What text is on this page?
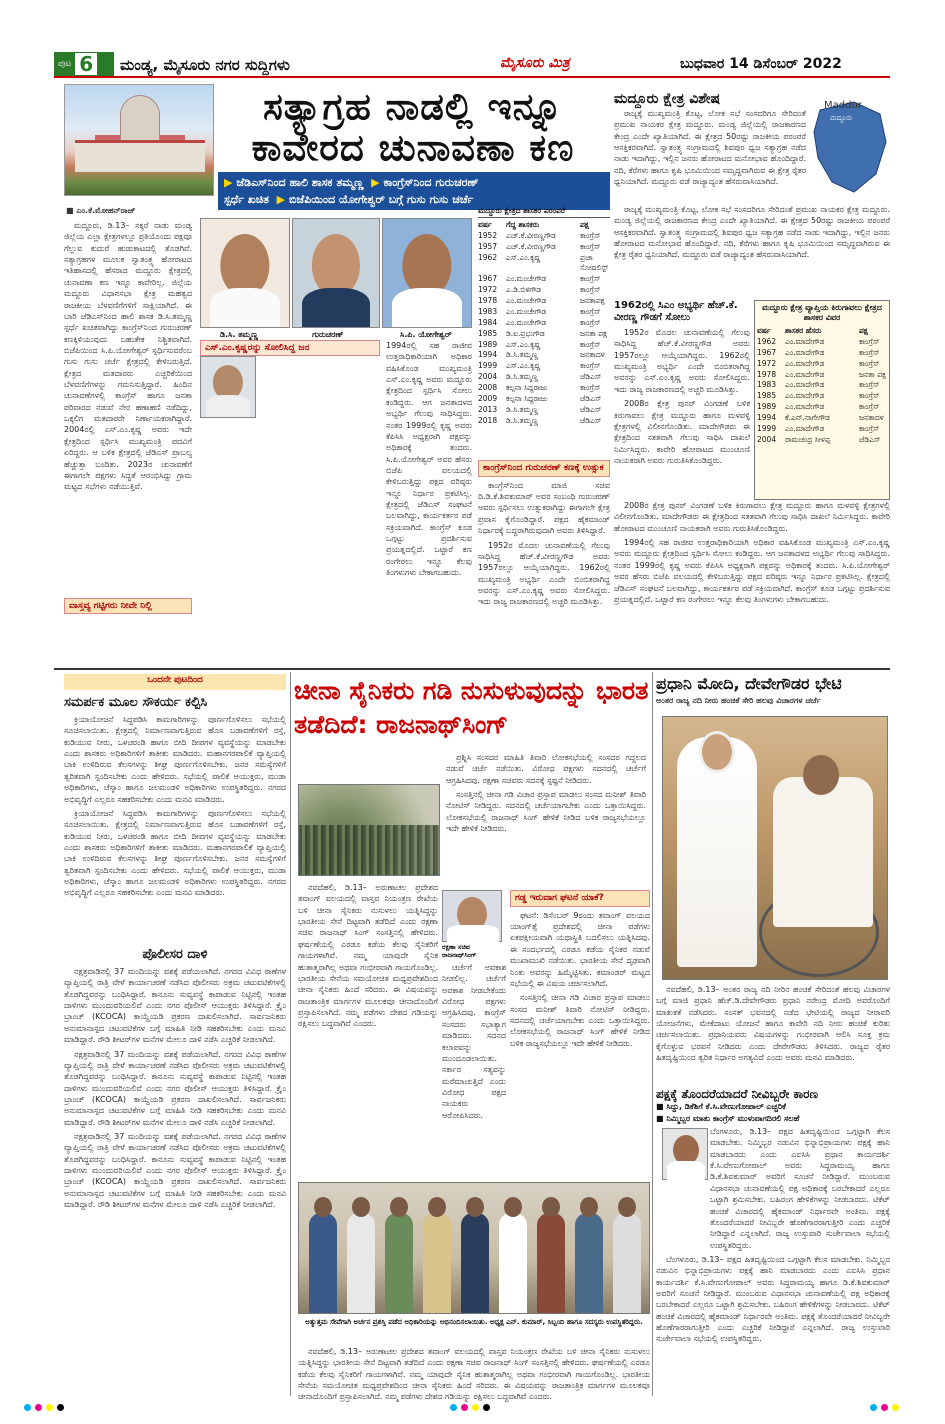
ಪುಟ 6 ಮಂಡ್ಯ, ಮೈಸೂರು ನಗರ ಸುದ್ದಿಗಳು	ಮೈಸೂರು ಮಿತ್ರ	ಬುಧವಾರ 14 ಡಿಸೆಂಬರ್ 2022
ಸತ್ಯಾಗ್ರಹ ನಾಡಲ್ಲಿ ಇನ್ನೂ ಕಾವೇರದ ಚುನಾವಣಾ ಕಣ
▶ ಜೆಡಿಎಸ್‌ನಿಂದ ಹಾಲಿ ಶಾಸಕ ತಮ್ಮಣ್ಣ ▶ ಕಾಂಗ್ರೆಸ್‌ನಿಂದ ಗುರುಚರಣ್
ಸ್ಪರ್ಧೆ ಖಚಿತ ▶ ಬಿಜೆಪಿಯಿಂದ ಯೋಗೇಶ್ವರ್ ಬಗ್ಗೆ ಗುಸು ಗುಸು ಚರ್ಚೆ
■ ಎಂ.ಕೆ.ಮೋಹನ್‌ರಾಜ್
ಡಿ.ಸಿ. ತಮ್ಮಣ್ಣ	ಗುರುಚರಣ್	ಸಿ.ಪಿ. ಯೋಗೇಶ್ವರ್

ಮದ್ದೂರು, ಡಿ.13– ಸಕ್ಕರೆ ನಾಡು ಮಂಡ್ಯ ಜಿಲ್ಲೆಯ ಎಲ್ಲಾ ಕ್ಷೇತ್ರಗಳಲ್ಲೂ ಪ್ರತಿಯೊಂದು ಪಕ್ಷವೂ ಗೆಲ್ಲುವ ಕುದುರೆ ಹುಡುಕಾಟದಲ್ಲಿ ತೊಡಗಿವೆ. ಸತ್ಯಾಗ್ರಹಗಳ ಮೂಲಕ ಸ್ವಾತಂತ್ರ್ಯ ಹೋರಾಟದ ಇತಿಹಾಸದಲ್ಲಿ ಹೆಸರಾದ ಮದ್ದೂರು ಕ್ಷೇತ್ರದಲ್ಲಿ ಚುನಾವಣಾ ಕಣ ಇನ್ನೂ ಕಾವೇರಿಲ್ಲ. ಜಿಲ್ಲೆಯ ಮದ್ದೂರು ವಿಧಾನಸಭಾ ಕ್ಷೇತ್ರ ಮಹತ್ವದ ರಾಜಕೀಯ ಬೆಳವಣಿಗೆಗಳಿಗೆ ಸಾಕ್ಷಿಯಾಗಿದೆ. ಈ ಬಾರಿ ಜೆಡಿಎಸ್‌ನಿಂದ ಹಾಲಿ ಶಾಸಕ ಡಿ.ಸಿ.ತಮ್ಮಣ್ಣ ಸ್ಪರ್ಧೆ ಖಚಿತವಾಗಿದ್ದು ಕಾಂಗ್ರೆಸ್‌ನಿಂದ ಗುರುಚರಣ್ ಕಣಕ್ಕಿಳಿಯುವುದು ಬಹುತೇಕ ನಿಶ್ಚಿತವಾಗಿದೆ. ಬಿಜೆಪಿಯಿಂದ ಸಿ.ಪಿ.ಯೋಗೇಶ್ವರ್ ಸ್ಪರ್ಧಿಸುವರೆಂಬ ಗುಸು ಗುಸು ಚರ್ಚೆ ಕ್ಷೇತ್ರದಲ್ಲಿ ಕೇಳಿಬರುತ್ತಿದೆ. ಕ್ಷೇತ್ರದ ಮತದಾರರು ಎಚ್ಚರಿಕೆಯಿಂದ ಬೆಳವಣಿಗೆಗಳನ್ನು ಗಮನಿಸುತ್ತಿದ್ದಾರೆ. ಹಿಂದಿನ ಚುನಾವಣೆಗಳಲ್ಲಿ ಕಾಂಗ್ರೆಸ್ ಹಾಗೂ ಜನತಾ ಪರಿವಾರದ ನಡುವೆ ನೇರ ಹಣಾಹಣಿ ನಡೆದಿದ್ದು, ಒಕ್ಕಲಿಗ ಮತದಾರರೇ ನಿರ್ಣಾಯಕರಾಗಿದ್ದಾರೆ. 2004ರಲ್ಲಿ ಎಸ್.ಎಂ.ಕೃಷ್ಣ ಅವರು ಇದೇ ಕ್ಷೇತ್ರದಿಂದ ಸ್ಪರ್ಧಿಸಿ ಮುಖ್ಯಮಂತ್ರಿ ಪದವಿಗೆ ಏರಿದ್ದರು. ಆ ಬಳಿಕ ಕ್ಷೇತ್ರದಲ್ಲಿ ಜೆಡಿಎಸ್ ಪ್ರಾಬಲ್ಯ ಹೆಚ್ಚುತ್ತಾ ಬಂದಿತು. 2023ರ ಚುನಾವಣೆಗೆ ಈಗಾಗಲೇ ಪಕ್ಷಗಳು ಸಿದ್ಧತೆ ಆರಂಭಿಸಿದ್ದು ಗ್ರಾಮ ಮಟ್ಟದ ಸಭೆಗಳು ನಡೆಯುತ್ತಿವೆ.

ವಾಸ್ತವ್ಯ ಗಟ್ಟಿಗರು ನೀವೇ ನಿಲ್ಲಿ
ಎಸ್.ಎಂ.ಕೃಷ್ಣರನ್ನು ಸೋಲಿಸಿದ್ದ ಜನ	1994ರಲ್ಲಿ ಸಹ ರಾಜೀವ ಉತ್ತರಾಧಿಕಾರಿಯಾಗಿ ಅಧಿಕಾರ ವಹಿಸಿಕೊಂಡ ಮುಖ್ಯಮಂತ್ರಿ ಎಸ್.ಎಂ.ಕೃಷ್ಣ ಅವರು ಮದ್ದೂರು ಕ್ಷೇತ್ರದಿಂದ ಸ್ಪರ್ಧಿಸಿ ಸೋಲು ಕಂಡಿದ್ದರು. ಆಗ ಜನತಾದಳದ ಅಭ್ಯರ್ಥಿ ಗೆಲುವು ಸಾಧಿಸಿದ್ದರು. ನಂತರ 1999ರಲ್ಲಿ ಕೃಷ್ಣ ಅವರು ಕೆಪಿಸಿಸಿ ಅಧ್ಯಕ್ಷರಾಗಿ ಪಕ್ಷವನ್ನು ಅಧಿಕಾರಕ್ಕೆ ತಂದರು. ಸಿ.ಪಿ.ಯೋಗೇಶ್ವರ್ ಅವರ ಹೆಸರು ಬಿಜೆಪಿ ವಲಯದಲ್ಲಿ ಕೇಳಿಬರುತ್ತಿದ್ದು ಪಕ್ಷದ ವರಿಷ್ಠರು ಇನ್ನೂ ನಿರ್ಧಾರ ಪ್ರಕಟಿಸಿಲ್ಲ. ಕ್ಷೇತ್ರದಲ್ಲಿ ಜೆಡಿಎಸ್ ಸಂಘಟನೆ ಬಲವಾಗಿದ್ದು, ಕಾರ್ಯಕರ್ತರ ಪಡೆ ಸಕ್ರಿಯವಾಗಿದೆ. ಕಾಂಗ್ರೆಸ್ ಕೂಡ ಒಗ್ಗಟ್ಟು ಪ್ರದರ್ಶಿಸುವ ಪ್ರಯತ್ನದಲ್ಲಿದೆ. ಒಟ್ಟಾರೆ ಕಣ ರಂಗೇರಲು ಇನ್ನೂ ಕೆಲವು ತಿಂಗಳುಗಳು ಬೇಕಾಗಬಹುದು.

ಮದ್ದೂರು ಕ್ಷೇತ್ರದ ಶಾಸಕರ ಪರಂಪರೆ
ವರ್ಷ	ಗೆದ್ದ ಶಾಸಕರು	ಪಕ್ಷ
1952	ಎಚ್.ಕೆ.ವೀರಣ್ಣಗೌಡ	ಕಾಂಗ್ರೆಸ್
1957	ಎಚ್.ಕೆ.ವೀರಣ್ಣಗೌಡ	ಕಾಂಗ್ರೆಸ್
1962	ಎಸ್.ಎಂ.ಕೃಷ್ಣ	ಪ್ರಜಾ ಸೋಷಲಿಸ್ಟ್
1967	ಎಂ.ಮಂಚೇಗೌಡ	ಕಾಂಗ್ರೆಸ್
1972	ಎ.ಡಿ.ಬಿಳಿಗೌಡ	ಕಾಂಗ್ರೆಸ್
1978	ಎಂ.ಮಂಚೇಗೌಡ	ಜನತಾಪಕ್ಷ
1983	ಎಂ.ಮಂಚೇಗೌಡ	ಕಾಂಗ್ರೆಸ್
1984	ಎಂ.ಮಂಚೇಗೌಡ	ಕಾಂಗ್ರೆಸ್
1985	ಡಿ.ಐ.ಪ್ರಭುಗೌಡ	ಜನತಾ ಪಕ್ಷ
1989	ಎಸ್.ಎಂ.ಕೃಷ್ಣ	ಕಾಂಗ್ರೆಸ್
1994	ಡಿ.ಸಿ.ತಮ್ಮಣ್ಣ	ಜನತಾದಳ
1999	ಎಸ್.ಎಂ.ಕೃಷ್ಣ	ಕಾಂಗ್ರೆಸ್
2004	ಡಿ.ಸಿ.ತಮ್ಮಣ್ಣ	ಜೆಡಿಎಸ್
2008	ಕಲ್ಪನಾ ಸಿದ್ದರಾಜು	ಕಾಂಗ್ರೆಸ್
2009	ಕಲ್ಪನಾ ಸಿದ್ದರಾಜು	ಜೆಡಿಎಸ್
2013	ಡಿ.ಸಿ.ತಮ್ಮಣ್ಣ	ಜೆಡಿಎಸ್
2018	ಡಿ.ಸಿ.ತಮ್ಮಣ್ಣ	ಜೆಡಿಎಸ್
ಕಾಂಗ್ರೆಸ್‌ನಿಂದ ಗುರುಚರಣ್ ಕಣಕ್ಕೆ ಉತ್ಸುಕ

ಕಾಂಗ್ರೆಸ್‌ನಿಂದ ಮಾಜಿ ಸಚಿವ ದಿ.ಡಿ.ಕೆ.ಶಿವಕುಮಾರ್ ಅವರ ಸಂಬಂಧಿ ಗುರುಚರಣ್ ಅವರು ಸ್ಪರ್ಧಿಸಲು ಉತ್ಸುಕರಾಗಿದ್ದು ಈಗಾಗಲೇ ಕ್ಷೇತ್ರ ಪ್ರವಾಸ ಕೈಗೊಂಡಿದ್ದಾರೆ. ಪಕ್ಷದ ಹೈಕಮಾಂಡ್ ನಿರ್ಧಾರಕ್ಕೆ ಬದ್ಧರಾಗಿರುವುದಾಗಿ ಅವರು ತಿಳಿಸಿದ್ದಾರೆ.

1952ರ ಮೊದಲ ಚುನಾವಣೆಯಲ್ಲಿ ಗೆಲುವು ಸಾಧಿಸಿದ್ದ ಹೆಚ್.ಕೆ.ವೀರಣ್ಣಗೌಡ ಅವರು 1957ರಲ್ಲೂ ಆಯ್ಕೆಯಾಗಿದ್ದರು. 1962ರಲ್ಲಿ ಮುಖ್ಯಮಂತ್ರಿ ಅಭ್ಯರ್ಥಿ ಎಂದೇ ಬಿಂಬಿತರಾಗಿದ್ದ ಅವರನ್ನು ಎಸ್.ಎಂ.ಕೃಷ್ಣ ಅವರು ಸೋಲಿಸಿದ್ದರು. ಇದು ರಾಜ್ಯ ರಾಜಕಾರಣದಲ್ಲಿ ಅಚ್ಚರಿ ಮೂಡಿಸಿತ್ತು.

ಮದ್ದೂರು ಕ್ಷೇತ್ರ ವಿಶೇಷ	Maddur
ಮದ್ದೂರು

ರಾಜ್ಯಕ್ಕೆ ಮುಖ್ಯಮಂತ್ರಿ ಕೊಟ್ಟ, ಲೋಕ ಸಭೆ ಸಂಸದರಿಗೂ ಸೇರಿದಂತೆ ಪ್ರಮುಖ ನಾಯಕರ ಕ್ಷೇತ್ರ ಮದ್ದೂರು. ಮಂಡ್ಯ ಜಿಲ್ಲೆಯಲ್ಲಿ ರಾಜಕಾರಣದ ಕೇಂದ್ರ ಎಂದೇ ಖ್ಯಾತಿಯಾಗಿದೆ. ಈ ಕ್ಷೇತ್ರದ 50ರಷ್ಟು ರಾಜಕೀಯ ಪರಂಪರೆ ಆಸಕ್ತಿಕರವಾಗಿದೆ. ಸ್ವಾತಂತ್ರ್ಯ ಸಂಗ್ರಾಮದಲ್ಲಿ ಶಿವಪುರ ಧ್ವಜ ಸತ್ಯಾಗ್ರಹ ನಡೆದ ನಾಡು ಇದಾಗಿದ್ದು, ಇಲ್ಲಿನ ಜನರು ಹೋರಾಟದ ಮನೋಭಾವ ಹೊಂದಿದ್ದಾರೆ. ನದಿ, ಕೆರೆಗಳು ಹಾಗೂ ಕೃಷಿ ಭೂಮಿಯಿಂದ ಸಮೃದ್ಧವಾಗಿರುವ ಈ ಕ್ಷೇತ್ರ ರೈತರ ಧ್ವನಿಯಾಗಿದೆ. ಮದ್ದೂರು ವಡೆ ರಾಜ್ಯಾದ್ಯಂತ ಹೆಸರುವಾಸಿಯಾಗಿದೆ.

ರಾಜ್ಯಕ್ಕೆ ಮುಖ್ಯಮಂತ್ರಿ ಕೊಟ್ಟ, ಲೋಕ ಸಭೆ ಸಂಸದರಿಗೂ ಸೇರಿದಂತೆ ಪ್ರಮುಖ ನಾಯಕರ ಕ್ಷೇತ್ರ ಮದ್ದೂರು. ಮಂಡ್ಯ ಜಿಲ್ಲೆಯಲ್ಲಿ ರಾಜಕಾರಣದ ಕೇಂದ್ರ ಎಂದೇ ಖ್ಯಾತಿಯಾಗಿದೆ. ಈ ಕ್ಷೇತ್ರದ 50ರಷ್ಟು ರಾಜಕೀಯ ಪರಂಪರೆ ಆಸಕ್ತಿಕರವಾಗಿದೆ. ಸ್ವಾತಂತ್ರ್ಯ ಸಂಗ್ರಾಮದಲ್ಲಿ ಶಿವಪುರ ಧ್ವಜ ಸತ್ಯಾಗ್ರಹ ನಡೆದ ನಾಡು ಇದಾಗಿದ್ದು, ಇಲ್ಲಿನ ಜನರು ಹೋರಾಟದ ಮನೋಭಾವ ಹೊಂದಿದ್ದಾರೆ. ನದಿ, ಕೆರೆಗಳು ಹಾಗೂ ಕೃಷಿ ಭೂಮಿಯಿಂದ ಸಮೃದ್ಧವಾಗಿರುವ ಈ ಕ್ಷೇತ್ರ ರೈತರ ಧ್ವನಿಯಾಗಿದೆ. ಮದ್ದೂರು ವಡೆ ರಾಜ್ಯಾದ್ಯಂತ ಹೆಸರುವಾಸಿಯಾಗಿದೆ.

1962ರಲ್ಲಿ ಸಿಎಂ ಅಭ್ಯರ್ಥಿ ಹೆಚ್.ಕೆ. ವೀರಣ್ಣ ಗೌಡಗೆ ಸೋಲು

1952ರ ಮೊದಲ ಚುನಾವಣೆಯಲ್ಲಿ ಗೆಲುವು ಸಾಧಿಸಿದ್ದ ಹೆಚ್.ಕೆ.ವೀರಣ್ಣಗೌಡ ಅವರು 1957ರಲ್ಲೂ ಆಯ್ಕೆಯಾಗಿದ್ದರು. 1962ರಲ್ಲಿ ಮುಖ್ಯಮಂತ್ರಿ ಅಭ್ಯರ್ಥಿ ಎಂದೇ ಬಿಂಬಿತರಾಗಿದ್ದ ಅವರನ್ನು ಎಸ್.ಎಂ.ಕೃಷ್ಣ ಅವರು ಸೋಲಿಸಿದ್ದರು. ಇದು ರಾಜ್ಯ ರಾಜಕಾರಣದಲ್ಲಿ ಅಚ್ಚರಿ ಮೂಡಿಸಿತ್ತು.

2008ರ ಕ್ಷೇತ್ರ ಪುನರ್ ವಿಂಗಡಣೆ ಬಳಿಕ ಕಿರುಗಾವಲು ಕ್ಷೇತ್ರ ಮದ್ದೂರು ಹಾಗೂ ಮಳವಳ್ಳಿ ಕ್ಷೇತ್ರಗಳಲ್ಲಿ ವಿಲೀನಗೊಂಡಿತು. ಮಾದೇಗೌಡರು ಈ ಕ್ಷೇತ್ರದಿಂದ ಸತತವಾಗಿ ಗೆಲುವು ಸಾಧಿಸಿ ದಾಖಲೆ ನಿರ್ಮಿಸಿದ್ದರು. ಕಾವೇರಿ ಹೋರಾಟದ ಮುಂಚೂಣಿ ನಾಯಕರಾಗಿ ಅವರು ಗುರುತಿಸಿಕೊಂಡಿದ್ದರು.

ಮದ್ದೂರು ಕ್ಷೇತ್ರ ವ್ಯಾಪ್ತಿಯ ಕಿರುಗಾವಲು ಕ್ಷೇತ್ರದ ಶಾಸಕರ ವಿವರ
ವರ್ಷ	ಶಾಸಕರ ಹೆಸರು	ಪಕ್ಷ
1962	ಎಂ.ಮಾದೇಗೌಡ	ಕಾಂಗ್ರೆಸ್
1967	ಎಂ.ಮಾದೇಗೌಡ	ಕಾಂಗ್ರೆಸ್
1972	ಎಂ.ಮಾದೇಗೌಡ	ಕಾಂಗ್ರೆಸ್
1978	ಎಂ.ಮಾದೇಗೌಡ	ಜನತಾ ಪಕ್ಷ
1983	ಎಂ.ಮಾದೇಗೌಡ	ಕಾಂಗ್ರೆಸ್
1985	ಎಂ.ಮಾದೇಗೌಡ	ಕಾಂಗ್ರೆಸ್
1989	ಎಂ.ಮಾದೇಗೌಡ	ಕಾಂಗ್ರೆಸ್
1994	ಕೆ.ಎನ್.ನಾಗೇಗೌಡ	ಜನತಾದಳ
1999	ಎಂ.ಮಾದೇಗೌಡ	ಕಾಂಗ್ರೆಸ್
2004	ರಾಮಚಂದ್ರ ಸೀಳಪ್ಪ	ಜೆಡಿಎಸ್

2008ರ ಕ್ಷೇತ್ರ ಪುನರ್ ವಿಂಗಡಣೆ ಬಳಿಕ ಕಿರುಗಾವಲು ಕ್ಷೇತ್ರ ಮದ್ದೂರು ಹಾಗೂ ಮಳವಳ್ಳಿ ಕ್ಷೇತ್ರಗಳಲ್ಲಿ ವಿಲೀನಗೊಂಡಿತು. ಮಾದೇಗೌಡರು ಈ ಕ್ಷೇತ್ರದಿಂದ ಸತತವಾಗಿ ಗೆಲುವು ಸಾಧಿಸಿ ದಾಖಲೆ ನಿರ್ಮಿಸಿದ್ದರು. ಕಾವೇರಿ ಹೋರಾಟದ ಮುಂಚೂಣಿ ನಾಯಕರಾಗಿ ಅವರು ಗುರುತಿಸಿಕೊಂಡಿದ್ದರು.

1994ರಲ್ಲಿ ಸಹ ರಾಜೀವ ಉತ್ತರಾಧಿಕಾರಿಯಾಗಿ ಅಧಿಕಾರ ವಹಿಸಿಕೊಂಡ ಮುಖ್ಯಮಂತ್ರಿ ಎಸ್.ಎಂ.ಕೃಷ್ಣ ಅವರು ಮದ್ದೂರು ಕ್ಷೇತ್ರದಿಂದ ಸ್ಪರ್ಧಿಸಿ ಸೋಲು ಕಂಡಿದ್ದರು. ಆಗ ಜನತಾದಳದ ಅಭ್ಯರ್ಥಿ ಗೆಲುವು ಸಾಧಿಸಿದ್ದರು. ನಂತರ 1999ರಲ್ಲಿ ಕೃಷ್ಣ ಅವರು ಕೆಪಿಸಿಸಿ ಅಧ್ಯಕ್ಷರಾಗಿ ಪಕ್ಷವನ್ನು ಅಧಿಕಾರಕ್ಕೆ ತಂದರು. ಸಿ.ಪಿ.ಯೋಗೇಶ್ವರ್ ಅವರ ಹೆಸರು ಬಿಜೆಪಿ ವಲಯದಲ್ಲಿ ಕೇಳಿಬರುತ್ತಿದ್ದು ಪಕ್ಷದ ವರಿಷ್ಠರು ಇನ್ನೂ ನಿರ್ಧಾರ ಪ್ರಕಟಿಸಿಲ್ಲ. ಕ್ಷೇತ್ರದಲ್ಲಿ ಜೆಡಿಎಸ್ ಸಂಘಟನೆ ಬಲವಾಗಿದ್ದು, ಕಾರ್ಯಕರ್ತರ ಪಡೆ ಸಕ್ರಿಯವಾಗಿದೆ. ಕಾಂಗ್ರೆಸ್ ಕೂಡ ಒಗ್ಗಟ್ಟು ಪ್ರದರ್ಶಿಸುವ ಪ್ರಯತ್ನದಲ್ಲಿದೆ. ಒಟ್ಟಾರೆ ಕಣ ರಂಗೇರಲು ಇನ್ನೂ ಕೆಲವು ತಿಂಗಳುಗಳು ಬೇಕಾಗಬಹುದು.

ಒಂದನೇ ಪುಟದಿಂದ
ಸಮರ್ಪಕ ಮೂಲ ಸೌಕರ್ಯ ಕಲ್ಪಿಸಿ

ಕ್ರಿಯಾಯೋಜನೆ ಸಿದ್ಧಪಡಿಸಿ ಕಾಮಗಾರಿಗಳನ್ನು ಪೂರ್ಣಗೊಳಿಸಲು ಸಭೆಯಲ್ಲಿ ಸೂಚಿಸಲಾಯಿತು. ಕ್ಷೇತ್ರದಲ್ಲಿ ನಿರ್ಮಾಣವಾಗುತ್ತಿರುವ ಹೊಸ ಬಡಾವಣೆಗಳಿಗೆ ರಸ್ತೆ, ಕುಡಿಯುವ ನೀರು, ಒಳಚರಂಡಿ ಹಾಗೂ ಬೀದಿ ದೀಪಗಳ ವ್ಯವಸ್ಥೆಯನ್ನು ಮಾಡಬೇಕು ಎಂದು ಶಾಸಕರು ಅಧಿಕಾರಿಗಳಿಗೆ ತಾಕೀತು ಮಾಡಿದರು. ಮಹಾನಗರಪಾಲಿಕೆ ವ್ಯಾಪ್ತಿಯಲ್ಲಿ ಬಾಕಿ ಉಳಿದಿರುವ ಕೆಲಸಗಳನ್ನು ಶೀಘ್ರ ಪೂರ್ಣಗೊಳಿಸಬೇಕು. ಜನರ ಸಮಸ್ಯೆಗಳಿಗೆ ತ್ವರಿತವಾಗಿ ಸ್ಪಂದಿಸಬೇಕು ಎಂದು ಹೇಳಿದರು. ಸಭೆಯಲ್ಲಿ ಪಾಲಿಕೆ ಆಯುಕ್ತರು, ಮುಡಾ ಅಧಿಕಾರಿಗಳು, ಚೆಸ್ಕಾಂ ಹಾಗೂ ಜಲಮಂಡಳಿ ಅಧಿಕಾರಿಗಳು ಉಪಸ್ಥಿತರಿದ್ದರು. ನಗರದ ಅಭಿವೃದ್ಧಿಗೆ ಎಲ್ಲರೂ ಸಹಕರಿಸಬೇಕು ಎಂದು ಮನವಿ ಮಾಡಿದರು.

ಕ್ರಿಯಾಯೋಜನೆ ಸಿದ್ಧಪಡಿಸಿ ಕಾಮಗಾರಿಗಳನ್ನು ಪೂರ್ಣಗೊಳಿಸಲು ಸಭೆಯಲ್ಲಿ ಸೂಚಿಸಲಾಯಿತು. ಕ್ಷೇತ್ರದಲ್ಲಿ ನಿರ್ಮಾಣವಾಗುತ್ತಿರುವ ಹೊಸ ಬಡಾವಣೆಗಳಿಗೆ ರಸ್ತೆ, ಕುಡಿಯುವ ನೀರು, ಒಳಚರಂಡಿ ಹಾಗೂ ಬೀದಿ ದೀಪಗಳ ವ್ಯವಸ್ಥೆಯನ್ನು ಮಾಡಬೇಕು ಎಂದು ಶಾಸಕರು ಅಧಿಕಾರಿಗಳಿಗೆ ತಾಕೀತು ಮಾಡಿದರು. ಮಹಾನಗರಪಾಲಿಕೆ ವ್ಯಾಪ್ತಿಯಲ್ಲಿ ಬಾಕಿ ಉಳಿದಿರುವ ಕೆಲಸಗಳನ್ನು ಶೀಘ್ರ ಪೂರ್ಣಗೊಳಿಸಬೇಕು. ಜನರ ಸಮಸ್ಯೆಗಳಿಗೆ ತ್ವರಿತವಾಗಿ ಸ್ಪಂದಿಸಬೇಕು ಎಂದು ಹೇಳಿದರು. ಸಭೆಯಲ್ಲಿ ಪಾಲಿಕೆ ಆಯುಕ್ತರು, ಮುಡಾ ಅಧಿಕಾರಿಗಳು, ಚೆಸ್ಕಾಂ ಹಾಗೂ ಜಲಮಂಡಳಿ ಅಧಿಕಾರಿಗಳು ಉಪಸ್ಥಿತರಿದ್ದರು. ನಗರದ ಅಭಿವೃದ್ಧಿಗೆ ಎಲ್ಲರೂ ಸಹಕರಿಸಬೇಕು ಎಂದು ಮನವಿ ಮಾಡಿದರು.

ಪೊಲೀಸರ ದಾಳಿ

ನಕ್ಷತ್ರವಾಡಿನಲ್ಲಿ 37 ಮಂದಿಯನ್ನು ವಶಕ್ಕೆ ಪಡೆಯಲಾಗಿದೆ. ನಗರದ ವಿವಿಧ ಠಾಣೆಗಳ ವ್ಯಾಪ್ತಿಯಲ್ಲಿ ರಾತ್ರಿ ವೇಳೆ ಕಾರ್ಯಾಚರಣೆ ನಡೆಸಿದ ಪೊಲೀಸರು ಅಕ್ರಮ ಚಟುವಟಿಕೆಗಳಲ್ಲಿ ತೊಡಗಿದ್ದವರನ್ನು ಬಂಧಿಸಿದ್ದಾರೆ. ಕಾನೂನು ಸುವ್ಯವಸ್ಥೆ ಕಾಪಾಡುವ ನಿಟ್ಟಿನಲ್ಲಿ ಇಂತಹ ದಾಳಿಗಳು ಮುಂದುವರಿಯಲಿವೆ ಎಂದು ನಗರ ಪೊಲೀಸ್ ಆಯುಕ್ತರು ತಿಳಿಸಿದ್ದಾರೆ. ಕ್ರೈಂ ಬ್ರಾಂಚ್ (KCOCA) ಕಾಯ್ದೆಯಡಿ ಪ್ರಕರಣ ದಾಖಲಿಸಲಾಗಿದೆ. ಸಾರ್ವಜನಿಕರು ಅನುಮಾನಾಸ್ಪದ ಚಟುವಟಿಕೆಗಳ ಬಗ್ಗೆ ಮಾಹಿತಿ ನೀಡಿ ಸಹಕರಿಸಬೇಕು ಎಂದು ಮನವಿ ಮಾಡಿದ್ದಾರೆ. ರೌಡಿ ಶೀಟರ್‌ಗಳ ಮನೆಗಳ ಮೇಲೂ ದಾಳಿ ನಡೆಸಿ ಎಚ್ಚರಿಕೆ ನೀಡಲಾಗಿದೆ.

ನಕ್ಷತ್ರವಾಡಿನಲ್ಲಿ 37 ಮಂದಿಯನ್ನು ವಶಕ್ಕೆ ಪಡೆಯಲಾಗಿದೆ. ನಗರದ ವಿವಿಧ ಠಾಣೆಗಳ ವ್ಯಾಪ್ತಿಯಲ್ಲಿ ರಾತ್ರಿ ವೇಳೆ ಕಾರ್ಯಾಚರಣೆ ನಡೆಸಿದ ಪೊಲೀಸರು ಅಕ್ರಮ ಚಟುವಟಿಕೆಗಳಲ್ಲಿ ತೊಡಗಿದ್ದವರನ್ನು ಬಂಧಿಸಿದ್ದಾರೆ. ಕಾನೂನು ಸುವ್ಯವಸ್ಥೆ ಕಾಪಾಡುವ ನಿಟ್ಟಿನಲ್ಲಿ ಇಂತಹ ದಾಳಿಗಳು ಮುಂದುವರಿಯಲಿವೆ ಎಂದು ನಗರ ಪೊಲೀಸ್ ಆಯುಕ್ತರು ತಿಳಿಸಿದ್ದಾರೆ. ಕ್ರೈಂ ಬ್ರಾಂಚ್ (KCOCA) ಕಾಯ್ದೆಯಡಿ ಪ್ರಕರಣ ದಾಖಲಿಸಲಾಗಿದೆ. ಸಾರ್ವಜನಿಕರು ಅನುಮಾನಾಸ್ಪದ ಚಟುವಟಿಕೆಗಳ ಬಗ್ಗೆ ಮಾಹಿತಿ ನೀಡಿ ಸಹಕರಿಸಬೇಕು ಎಂದು ಮನವಿ ಮಾಡಿದ್ದಾರೆ. ರೌಡಿ ಶೀಟರ್‌ಗಳ ಮನೆಗಳ ಮೇಲೂ ದಾಳಿ ನಡೆಸಿ ಎಚ್ಚರಿಕೆ ನೀಡಲಾಗಿದೆ.

ನಕ್ಷತ್ರವಾಡಿನಲ್ಲಿ 37 ಮಂದಿಯನ್ನು ವಶಕ್ಕೆ ಪಡೆಯಲಾಗಿದೆ. ನಗರದ ವಿವಿಧ ಠಾಣೆಗಳ ವ್ಯಾಪ್ತಿಯಲ್ಲಿ ರಾತ್ರಿ ವೇಳೆ ಕಾರ್ಯಾಚರಣೆ ನಡೆಸಿದ ಪೊಲೀಸರು ಅಕ್ರಮ ಚಟುವಟಿಕೆಗಳಲ್ಲಿ ತೊಡಗಿದ್ದವರನ್ನು ಬಂಧಿಸಿದ್ದಾರೆ. ಕಾನೂನು ಸುವ್ಯವಸ್ಥೆ ಕಾಪಾಡುವ ನಿಟ್ಟಿನಲ್ಲಿ ಇಂತಹ ದಾಳಿಗಳು ಮುಂದುವರಿಯಲಿವೆ ಎಂದು ನಗರ ಪೊಲೀಸ್ ಆಯುಕ್ತರು ತಿಳಿಸಿದ್ದಾರೆ. ಕ್ರೈಂ ಬ್ರಾಂಚ್ (KCOCA) ಕಾಯ್ದೆಯಡಿ ಪ್ರಕರಣ ದಾಖಲಿಸಲಾಗಿದೆ. ಸಾರ್ವಜನಿಕರು ಅನುಮಾನಾಸ್ಪದ ಚಟುವಟಿಕೆಗಳ ಬಗ್ಗೆ ಮಾಹಿತಿ ನೀಡಿ ಸಹಕರಿಸಬೇಕು ಎಂದು ಮನವಿ ಮಾಡಿದ್ದಾರೆ. ರೌಡಿ ಶೀಟರ್‌ಗಳ ಮನೆಗಳ ಮೇಲೂ ದಾಳಿ ನಡೆಸಿ ಎಚ್ಚರಿಕೆ ನೀಡಲಾಗಿದೆ.

ಚೀನಾ ಸೈನಿಕರು ಗಡಿ ನುಸುಳುವುದನ್ನು ಭಾರತ ತಡೆದಿದೆ: ರಾಜನಾಥ್‌ಸಿಂಗ್

ಪ್ರಶ್ನಿಸಿ ಸಂಸದರ ಮಾಹಿತಿ ತಿವಾರಿ ಲೋಕಸಭೆಯಲ್ಲಿ ಸಂಸದರ ಗದ್ದಲದ ನಡುವೆ ಚರ್ಚೆ ನಡೆಯಿತು. ವಿರೋಧ ಪಕ್ಷಗಳು ಸದನದಲ್ಲಿ ಚರ್ಚೆಗೆ ಆಗ್ರಹಿಸಿದವು. ರಕ್ಷಣಾ ಸಚಿವರು ಸದನಕ್ಕೆ ಸ್ಪಷ್ಟನೆ ನೀಡಿದರು.

ಸಂಸತ್ತಿನಲ್ಲಿ ಚೀನಾ ಗಡಿ ವಿಚಾರ ಪ್ರಸ್ತಾಪ ಮಾಡಲು ಸಂಸದ ಮನೀಶ್ ತಿವಾರಿ ನೋಟಿಸ್ ನೀಡಿದ್ದರು. ಸದನದಲ್ಲಿ ಚರ್ಚೆಯಾಗಬೇಕು ಎಂದು ಒತ್ತಾಯಿಸಿದ್ದರು. ಲೋಕಸಭೆಯಲ್ಲಿ ರಾಜನಾಥ್ ಸಿಂಗ್ ಹೇಳಿಕೆ ನೀಡಿದ ಬಳಿಕ ರಾಜ್ಯಸಭೆಯಲ್ಲೂ ಇದೇ ಹೇಳಿಕೆ ನೀಡಿದರು.

ರಕ್ಷಣಾ ಸಚಿವ ರಾಜನಾಥ್‌ಸಿಂಗ್

ನವದೆಹಲಿ, ಡಿ.13– ಅರುಣಾಚಲ ಪ್ರದೇಶದ ತವಾಂಗ್ ವಲಯದಲ್ಲಿ ವಾಸ್ತವ ನಿಯಂತ್ರಣ ರೇಖೆಯ ಬಳಿ ಚೀನಾ ಸೈನಿಕರು ನುಸುಳಲು ಯತ್ನಿಸಿದ್ದನ್ನು ಭಾರತೀಯ ಸೇನೆ ದಿಟ್ಟವಾಗಿ ತಡೆದಿದೆ ಎಂದು ರಕ್ಷಣಾ ಸಚಿವ ರಾಜನಾಥ್ ಸಿಂಗ್ ಸಂಸತ್ತಿನಲ್ಲಿ ಹೇಳಿದರು. ಘರ್ಷಣೆಯಲ್ಲಿ ಎರಡೂ ಕಡೆಯ ಕೆಲವು ಸೈನಿಕರಿಗೆ ಗಾಯಗಳಾಗಿವೆ. ನಮ್ಮ ಯಾವುದೇ ಸೈನಿಕ ಹುತಾತ್ಮರಾಗಿಲ್ಲ ಅಥವಾ ಗಂಭೀರವಾಗಿ ಗಾಯಗೊಂಡಿಲ್ಲ. ಭಾರತೀಯ ಸೇನೆಯ ಸಮಯೋಚಿತ ಮಧ್ಯಪ್ರವೇಶದಿಂದ ಚೀನಾ ಸೈನಿಕರು ಹಿಂದೆ ಸರಿದರು. ಈ ವಿಷಯವನ್ನು ರಾಜತಾಂತ್ರಿಕ ಮಾರ್ಗಗಳ ಮೂಲಕವೂ ಚೀನಾದೊಂದಿಗೆ ಪ್ರಸ್ತಾಪಿಸಲಾಗಿದೆ. ನಮ್ಮ ಪಡೆಗಳು ದೇಶದ ಗಡಿಯನ್ನು ರಕ್ಷಿಸಲು ಬದ್ಧವಾಗಿವೆ ಎಂದರು.

ಚರ್ಚೆಗೆ ಅವಕಾಶ ನೀಡಲಿಲ್ಲ. ಚರ್ಚೆಗೆ ಅವಕಾಶ ನೀಡಬೇಕೆಂದು ವಿರೋಧ ಪಕ್ಷಗಳು ಆಗ್ರಹಿಸಿದವು. ಕಾಂಗ್ರೆಸ್ ಸಂಸದರು ಸಭಾತ್ಯಾಗ ಮಾಡಿದರು. ಸದನದ ಕಲಾಪವನ್ನು ಮುಂದೂಡಲಾಯಿತು. ಸರ್ಕಾರ ಸತ್ಯವನ್ನು ಮರೆಮಾಚುತ್ತಿದೆ ಎಂದು ವಿರೋಧ ಪಕ್ಷದ ನಾಯಕರು ಆರೋಪಿಸಿದರು.

ಗಡ್ಡ ಇರುವಾಗ ಘಟನೆ ಯಾಕೆ?

ಘಟನೆ: ಡಿಸೆಂಬರ್ 9ರಂದು ತವಾಂಗ್ ವಲಯದ ಯಾಂಗ್‌ತ್ಸೆ ಪ್ರದೇಶದಲ್ಲಿ ಚೀನಾ ಪಡೆಗಳು ಏಕಪಕ್ಷೀಯವಾಗಿ ಯಥಾಸ್ಥಿತಿ ಬದಲಿಸಲು ಯತ್ನಿಸಿದವು. ಈ ಸಂದರ್ಭದಲ್ಲಿ ಎರಡೂ ಕಡೆಯ ಸೈನಿಕರ ನಡುವೆ ಮುಖಾಮುಖಿ ನಡೆಯಿತು. ಭಾರತೀಯ ಸೇನೆ ದೃಢವಾಗಿ ನಿಂತು ಅವರನ್ನು ಹಿಮ್ಮೆಟ್ಟಿಸಿತು. ಕಮಾಂಡರ್ ಮಟ್ಟದ ಸಭೆಯಲ್ಲಿ ಈ ವಿಷಯ ಚರ್ಚಿಸಲಾಗಿದೆ.

ಸಂಸತ್ತಿನಲ್ಲಿ ಚೀನಾ ಗಡಿ ವಿಚಾರ ಪ್ರಸ್ತಾಪ ಮಾಡಲು ಸಂಸದ ಮನೀಶ್ ತಿವಾರಿ ನೋಟಿಸ್ ನೀಡಿದ್ದರು. ಸದನದಲ್ಲಿ ಚರ್ಚೆಯಾಗಬೇಕು ಎಂದು ಒತ್ತಾಯಿಸಿದ್ದರು. ಲೋಕಸಭೆಯಲ್ಲಿ ರಾಜನಾಥ್ ಸಿಂಗ್ ಹೇಳಿಕೆ ನೀಡಿದ ಬಳಿಕ ರಾಜ್ಯಸಭೆಯಲ್ಲೂ ಇದೇ ಹೇಳಿಕೆ ನೀಡಿದರು.

ಅತ್ಯುತ್ತಮ ಸೇವೆಗಾಗಿ ಅರ್ಚನ ಪ್ರಶಸ್ತಿ ಪಡೆದ ಅಧಿಕಾರಿಯನ್ನು ಅಭಿನಂದಿಸಲಾಯಿತು. ಅಧ್ಯಕ್ಷ ಎನ್. ಕುಮಾರ್, ಸಿಬ್ಬಂದಿ ಹಾಗೂ ಸದಸ್ಯರು ಉಪಸ್ಥಿತರಿದ್ದರು.

ನವದೆಹಲಿ, ಡಿ.13– ಅರುಣಾಚಲ ಪ್ರದೇಶದ ತವಾಂಗ್ ವಲಯದಲ್ಲಿ ವಾಸ್ತವ ನಿಯಂತ್ರಣ ರೇಖೆಯ ಬಳಿ ಚೀನಾ ಸೈನಿಕರು ನುಸುಳಲು ಯತ್ನಿಸಿದ್ದನ್ನು ಭಾರತೀಯ ಸೇನೆ ದಿಟ್ಟವಾಗಿ ತಡೆದಿದೆ ಎಂದು ರಕ್ಷಣಾ ಸಚಿವ ರಾಜನಾಥ್ ಸಿಂಗ್ ಸಂಸತ್ತಿನಲ್ಲಿ ಹೇಳಿದರು. ಘರ್ಷಣೆಯಲ್ಲಿ ಎರಡೂ ಕಡೆಯ ಕೆಲವು ಸೈನಿಕರಿಗೆ ಗಾಯಗಳಾಗಿವೆ. ನಮ್ಮ ಯಾವುದೇ ಸೈನಿಕ ಹುತಾತ್ಮರಾಗಿಲ್ಲ ಅಥವಾ ಗಂಭೀರವಾಗಿ ಗಾಯಗೊಂಡಿಲ್ಲ. ಭಾರತೀಯ ಸೇನೆಯ ಸಮಯೋಚಿತ ಮಧ್ಯಪ್ರವೇಶದಿಂದ ಚೀನಾ ಸೈನಿಕರು ಹಿಂದೆ ಸರಿದರು. ಈ ವಿಷಯವನ್ನು ರಾಜತಾಂತ್ರಿಕ ಮಾರ್ಗಗಳ ಮೂಲಕವೂ ಚೀನಾದೊಂದಿಗೆ ಪ್ರಸ್ತಾಪಿಸಲಾಗಿದೆ. ನಮ್ಮ ಪಡೆಗಳು ದೇಶದ ಗಡಿಯನ್ನು ರಕ್ಷಿಸಲು ಬದ್ಧವಾಗಿವೆ ಎಂದರು.

ಪ್ರಧಾನಿ ಮೋದಿ, ದೇವೇಗೌಡರ ಭೇಟಿ
ಅಂತರ ರಾಜ್ಯ ನದಿ ನೀರು ಹಂಚಿಕೆ ಸೇರಿ ಹಲವು ವಿಚಾರಗಳ ಚರ್ಚೆ

ನವದೆಹಲಿ, ಡಿ.13– ಅಂತರ ರಾಜ್ಯ ನದಿ ನೀರಿನ ಹಂಚಿಕೆ ಸೇರಿದಂತೆ ಹಲವು ವಿಚಾರಗಳ ಬಗ್ಗೆ ಮಾಜಿ ಪ್ರಧಾನಿ ಹೆಚ್.ಡಿ.ದೇವೇಗೌಡರು ಪ್ರಧಾನಿ ನರೇಂದ್ರ ಮೋದಿ ಅವರೊಂದಿಗೆ ಮಾತುಕತೆ ನಡೆಸಿದರು. ಸಂಸತ್ ಭವನದಲ್ಲಿ ನಡೆದ ಭೇಟಿಯಲ್ಲಿ ರಾಜ್ಯದ ನೀರಾವರಿ ಯೋಜನೆಗಳು, ಮೇಕೆದಾಟು ಯೋಜನೆ ಹಾಗೂ ಕಾವೇರಿ ನದಿ ನೀರು ಹಂಚಿಕೆ ಕುರಿತು ಚರ್ಚಿಸಲಾಯಿತು. ಪ್ರಧಾನಿಯವರು ವಿಷಯಗಳನ್ನು ಗಂಭೀರವಾಗಿ ಆಲಿಸಿ ಸೂಕ್ತ ಕ್ರಮ ಕೈಗೊಳ್ಳುವ ಭರವಸೆ ನೀಡಿದರು ಎಂದು ದೇವೇಗೌಡರು ತಿಳಿಸಿದರು. ರಾಜ್ಯದ ರೈತರ ಹಿತದೃಷ್ಟಿಯಿಂದ ತ್ವರಿತ ನಿರ್ಧಾರ ಅಗತ್ಯವಿದೆ ಎಂದು ಅವರು ಮನವಿ ಮಾಡಿದರು.

ಪಕ್ಷಕ್ಕೆ ತೊಂದರೆಯಾದರೆ ನೀವಿಬ್ಬರೇ ಕಾರಣ
■ ಸಿದ್ದು, ಡಿಕೆಶಿಗೆ ಕೆ.ಸಿ.ವೇಣುಗೋಪಾಲ್ ಎಚ್ಚರಿಕೆ
■ ನಿಮ್ಮಿಬ್ಬರ ಮಾತು ಕಾಂಗ್ರೆಸ್ ಮುಳುವಾಗದಿರಲಿ ಸಲಹೆ

ಬೆಂಗಳೂರು, ಡಿ.13– ಪಕ್ಷದ ಹಿತದೃಷ್ಟಿಯಿಂದ ಒಗ್ಗಟ್ಟಾಗಿ ಕೆಲಸ ಮಾಡಬೇಕು. ನಿಮ್ಮಿಬ್ಬರ ನಡುವಿನ ಭಿನ್ನಾಭಿಪ್ರಾಯಗಳು ಪಕ್ಷಕ್ಕೆ ಹಾನಿ ಮಾಡಬಾರದು ಎಂದು ಎಐಸಿಸಿ ಪ್ರಧಾನ ಕಾರ್ಯದರ್ಶಿ ಕೆ.ಸಿ.ವೇಣುಗೋಪಾಲ್ ಅವರು ಸಿದ್ದರಾಮಯ್ಯ ಹಾಗೂ ಡಿ.ಕೆ.ಶಿವಕುಮಾರ್ ಅವರಿಗೆ ಸೂಚನೆ ನೀಡಿದ್ದಾರೆ. ಮುಂಬರುವ ವಿಧಾನಸಭಾ ಚುನಾವಣೆಯಲ್ಲಿ ಪಕ್ಷ ಅಧಿಕಾರಕ್ಕೆ ಬರಬೇಕಾದರೆ ಎಲ್ಲರೂ ಒಟ್ಟಾಗಿ ಶ್ರಮಿಸಬೇಕು. ಬಹಿರಂಗ ಹೇಳಿಕೆಗಳನ್ನು ನೀಡಬಾರದು. ಟಿಕೆಟ್ ಹಂಚಿಕೆ ವಿಚಾರದಲ್ಲಿ ಹೈಕಮಾಂಡ್ ನಿರ್ಧಾರವೇ ಅಂತಿಮ. ಪಕ್ಷಕ್ಕೆ ತೊಂದರೆಯಾದರೆ ನೀವಿಬ್ಬರೇ ಹೊಣೆಗಾರರಾಗುತ್ತೀರಿ ಎಂದು ಎಚ್ಚರಿಕೆ ನೀಡಿದ್ದಾರೆ ಎನ್ನಲಾಗಿದೆ. ರಾಜ್ಯ ಉಸ್ತುವಾರಿ ಸುರ್ಜೇವಾಲಾ ಸಭೆಯಲ್ಲಿ ಉಪಸ್ಥಿತರಿದ್ದರು.

ಬೆಂಗಳೂರು, ಡಿ.13– ಪಕ್ಷದ ಹಿತದೃಷ್ಟಿಯಿಂದ ಒಗ್ಗಟ್ಟಾಗಿ ಕೆಲಸ ಮಾಡಬೇಕು. ನಿಮ್ಮಿಬ್ಬರ ನಡುವಿನ ಭಿನ್ನಾಭಿಪ್ರಾಯಗಳು ಪಕ್ಷಕ್ಕೆ ಹಾನಿ ಮಾಡಬಾರದು ಎಂದು ಎಐಸಿಸಿ ಪ್ರಧಾನ ಕಾರ್ಯದರ್ಶಿ ಕೆ.ಸಿ.ವೇಣುಗೋಪಾಲ್ ಅವರು ಸಿದ್ದರಾಮಯ್ಯ ಹಾಗೂ ಡಿ.ಕೆ.ಶಿವಕುಮಾರ್ ಅವರಿಗೆ ಸೂಚನೆ ನೀಡಿದ್ದಾರೆ. ಮುಂಬರುವ ವಿಧಾನಸಭಾ ಚುನಾವಣೆಯಲ್ಲಿ ಪಕ್ಷ ಅಧಿಕಾರಕ್ಕೆ ಬರಬೇಕಾದರೆ ಎಲ್ಲರೂ ಒಟ್ಟಾಗಿ ಶ್ರಮಿಸಬೇಕು. ಬಹಿರಂಗ ಹೇಳಿಕೆಗಳನ್ನು ನೀಡಬಾರದು. ಟಿಕೆಟ್ ಹಂಚಿಕೆ ವಿಚಾರದಲ್ಲಿ ಹೈಕಮಾಂಡ್ ನಿರ್ಧಾರವೇ ಅಂತಿಮ. ಪಕ್ಷಕ್ಕೆ ತೊಂದರೆಯಾದರೆ ನೀವಿಬ್ಬರೇ ಹೊಣೆಗಾರರಾಗುತ್ತೀರಿ ಎಂದು ಎಚ್ಚರಿಕೆ ನೀಡಿದ್ದಾರೆ ಎನ್ನಲಾಗಿದೆ. ರಾಜ್ಯ ಉಸ್ತುವಾರಿ ಸುರ್ಜೇವಾಲಾ ಸಭೆಯಲ್ಲಿ ಉಪಸ್ಥಿತರಿದ್ದರು.
